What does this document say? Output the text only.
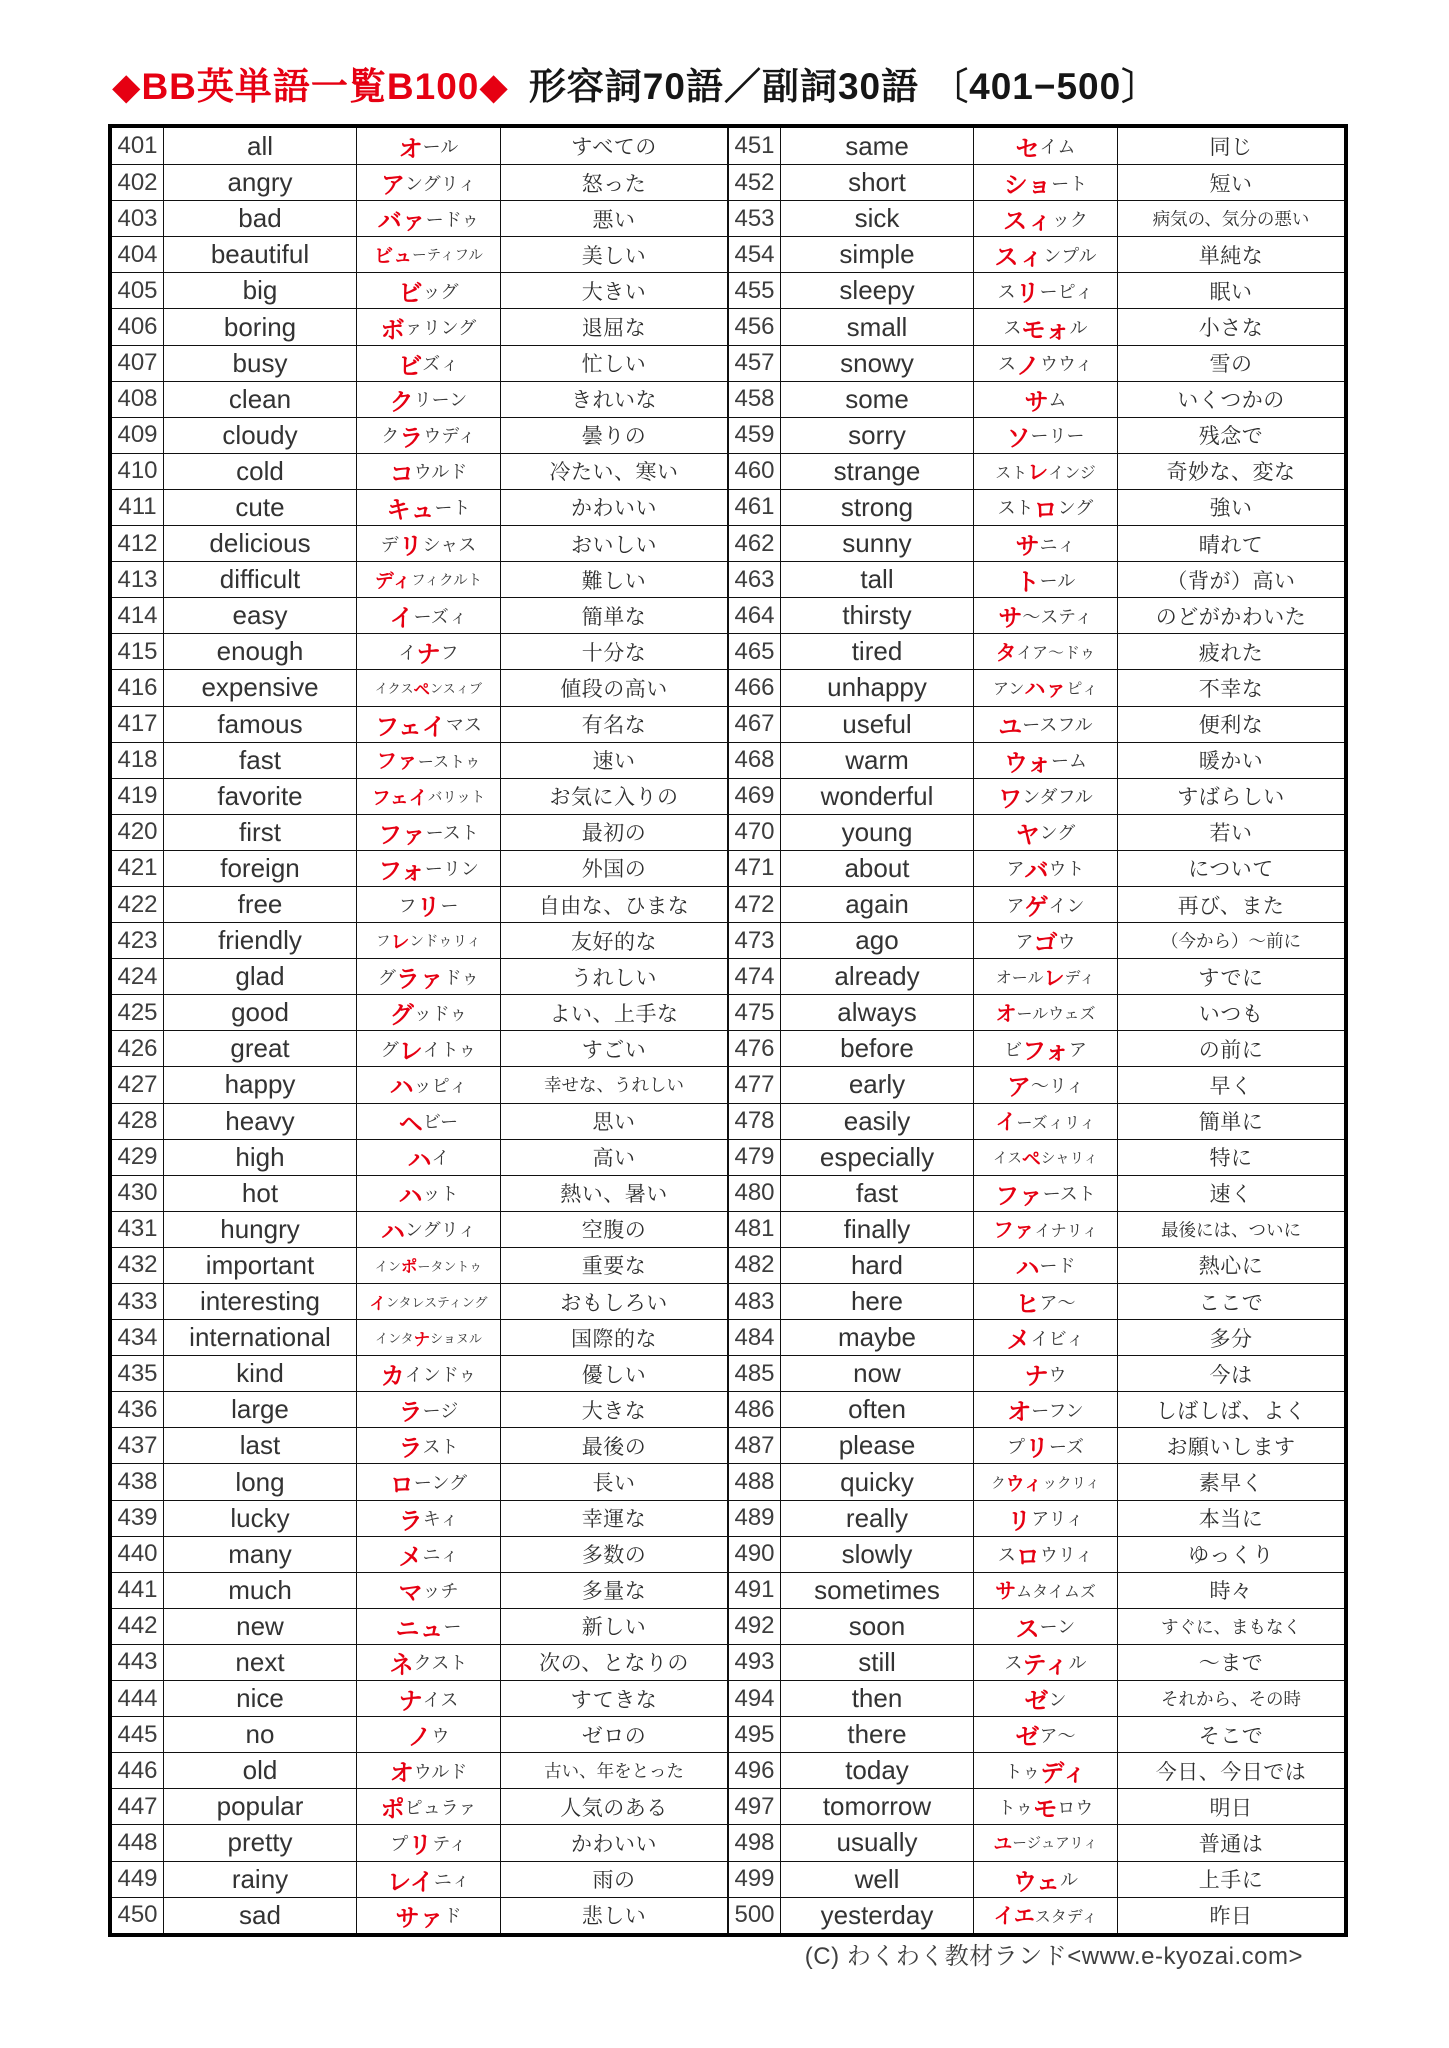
◆BB英単語一覧B100◆ 形容詞70語／副詞30語 〔401−500〕
401	all	オ ール	すべての
402	angry	ア ングリィ	怒った
403	bad	バァ ードゥ	悪い
404	beautiful	ビュ ーティフル	美しい
405	big	ビ ッグ	大きい
406	boring	ボ ァリング	退屈な
407	busy	ビ ズィ	忙しい
408	clean	ク リーン	きれいな
409	cloudy	ク ラ ウディ	曇りの
410	cold	コ ウルド	冷たい、寒い
411	cute	キュ ート	かわいい
412	delicious	デ リ シャス	おいしい
413	difficult	ディ フィクルト	難しい
414	easy	イ ーズィ	簡単な
415	enough	イ ナ フ	十分な
416	expensive	イクス ペ ンスィブ	値段の高い
417	famous	フェイ マス	有名な
418	fast	ファ ーストゥ	速い
419	favorite	フェイ バリット	お気に入りの
420	first	ファ ースト	最初の
421	foreign	フォ ーリン	外国の
422	free	フ リ ー	自由な、ひまな
423	friendly	フ レ ンドゥリィ	友好的な
424	glad	グ ラァ ドゥ	うれしい
425	good	グ ッドゥ	よい、上手な
426	great	グ レ イトゥ	すごい
427	happy	ハ ッピィ	幸せな、うれしい
428	heavy	ヘ ビー	思い
429	high	ハ イ	高い
430	hot	ハ ット	熱い、暑い
431	hungry	ハ ングリィ	空腹の
432	important	イン ポ ータントゥ	重要な
433	interesting	イ ンタレスティング	おもしろい
434	international	インタ ナ ショヌル	国際的な
435	kind	カ インドゥ	優しい
436	large	ラ ージ	大きな
437	last	ラ スト	最後の
438	long	ロ ーング	長い
439	lucky	ラ キィ	幸運な
440	many	メ ニィ	多数の
441	much	マ ッチ	多量な
442	new	ニュ ー	新しい
443	next	ネ クスト	次の、となりの
444	nice	ナ イス	すてきな
445	no	ノ ウ	ゼロの
446	old	オ ウルド	古い、年をとった
447	popular	ポ ピュラァ	人気のある
448	pretty	プ リ ティ	かわいい
449	rainy	レイ ニィ	雨の
450	sad	サァ ド	悲しい
451	same	セ イム	同じ
452	short	ショ ート	短い
453	sick	スィ ック	病気の、気分の悪い
454	simple	スィ ンプル	単純な
455	sleepy	ス リ ーピィ	眠い
456	small	ス モォ ル	小さな
457	snowy	ス ノ ウウィ	雪の
458	some	サ ム	いくつかの
459	sorry	ソ ーリー	残念で
460	strange	スト レ インジ	奇妙な、変な
461	strong	スト ロ ング	強い
462	sunny	サ ニィ	晴れて
463	tall	ト ール	（背が）高い
464	thirsty	サ ～スティ	のどがかわいた
465	tired	タ イア～ドゥ	疲れた
466	unhappy	アン ハァ ピィ	不幸な
467	useful	ユ ースフル	便利な
468	warm	ウォ ーム	暖かい
469	wonderful	ワ ンダフル	すばらしい
470	young	ヤ ング	若い
471	about	ア バ ウト	について
472	again	ア ゲ イン	再び、また
473	ago	ア ゴ ウ	（今から）～前に
474	already	オール レ ディ	すでに
475	always	オ ールウェズ	いつも
476	before	ビ フォ ア	の前に
477	early	ア ～リィ	早く
478	easily	イ ーズィリィ	簡単に
479	especially	イス ペ シャリィ	特に
480	fast	ファ ースト	速く
481	finally	ファ イナリィ	最後には、ついに
482	hard	ハ ード	熱心に
483	here	ヒ ア～	ここで
484	maybe	メ イビィ	多分
485	now	ナ ウ	今は
486	often	オ ーフン	しばしば、よく
487	please	プ リ ーズ	お願いします
488	quicky	ク ウィ ックリィ	素早く
489	really	リ アリィ	本当に
490	slowly	ス ロ ウリィ	ゆっくり
491	sometimes	サ ムタイムズ	時々
492	soon	ス ーン	すぐに、まもなく
493	still	ス ティ ル	～まで
494	then	ゼ ン	それから、その時
495	there	ゼ ア～	そこで
496	today	トゥ ディ	今日、今日では
497	tomorrow	トゥ モ ロウ	明日
498	usually	ユ ージュアリィ	普通は
499	well	ウェ ル	上手に
500	yesterday	イエ スタディ	昨日
(C) わくわく教材ランド<www.e-kyozai.com>
